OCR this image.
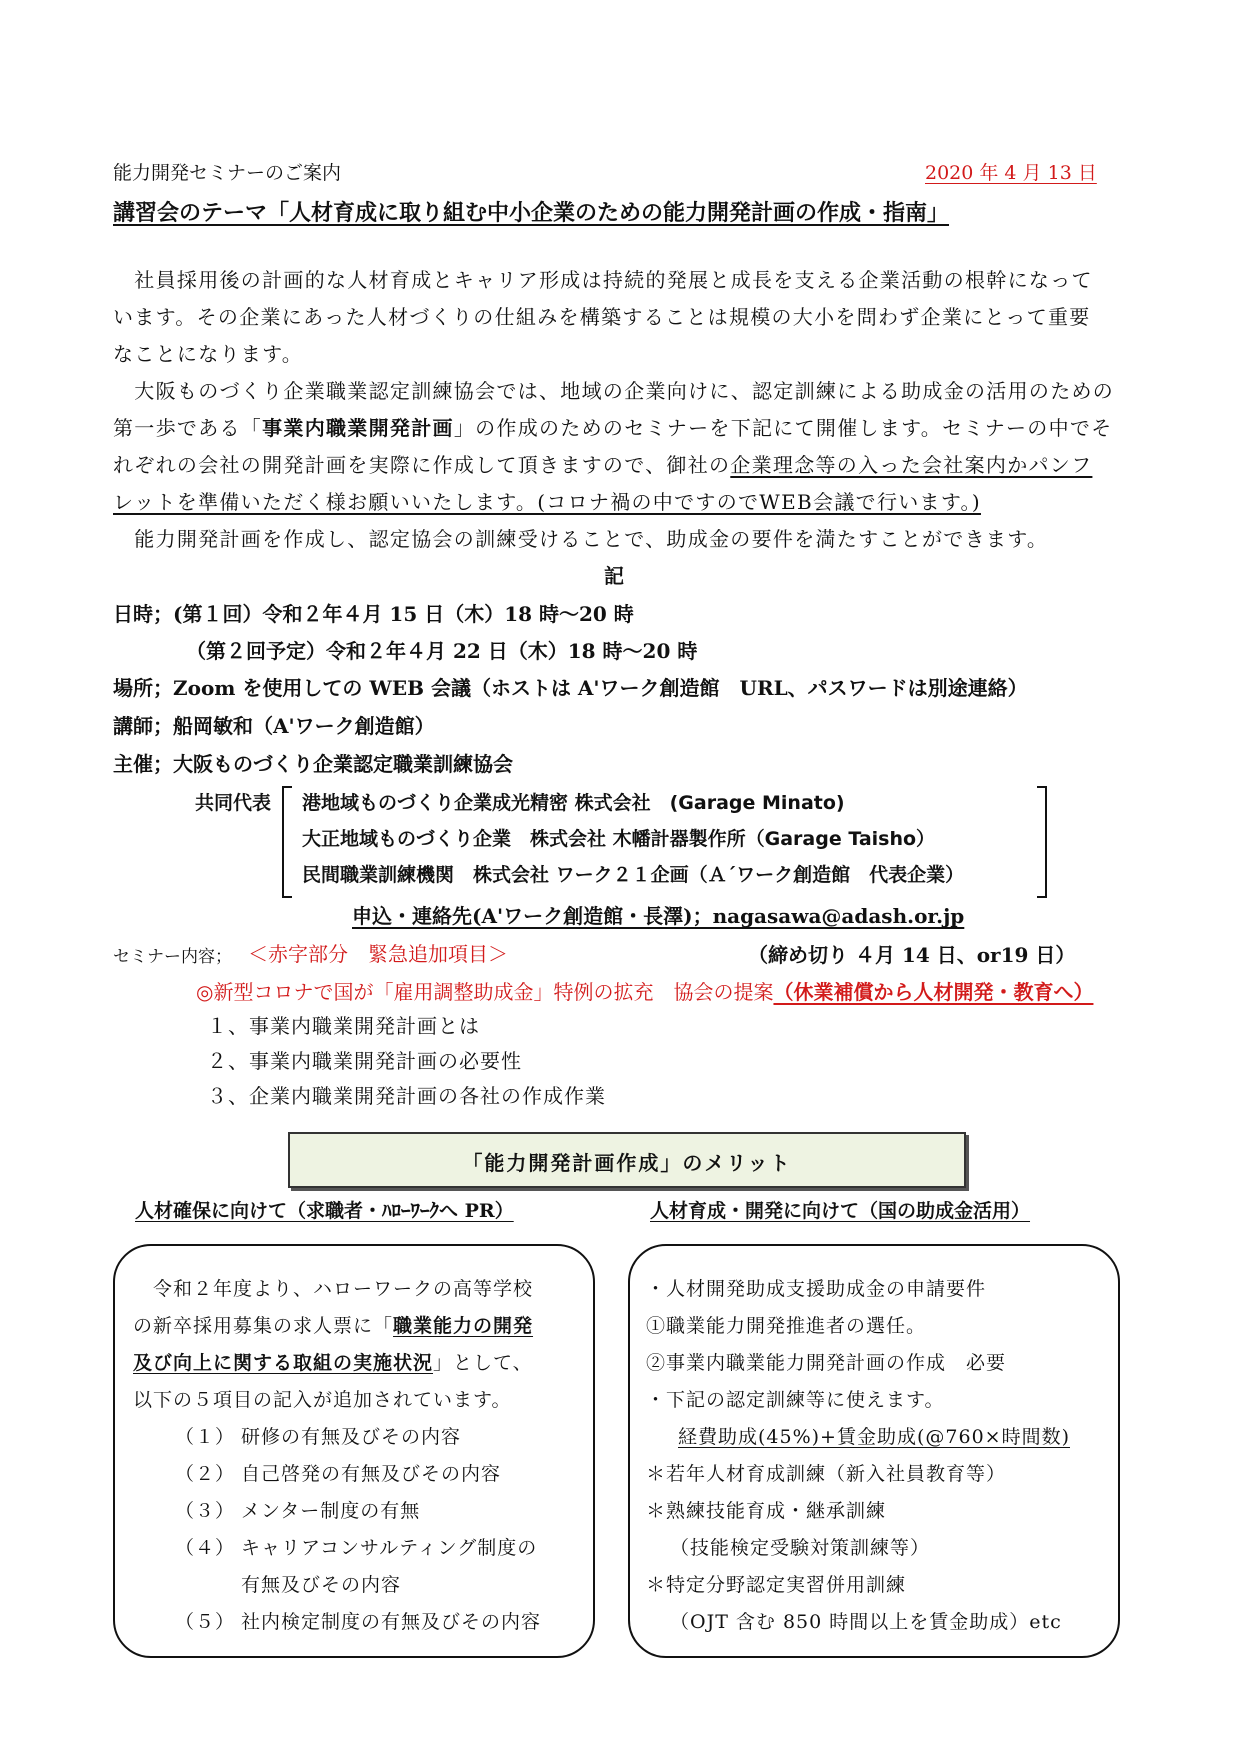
能力開発セミナーのご案内	2020 年 4 月 13 日
講習会のテーマ「人材育成に取り組む中小企業のための能力開発計画の作成・指南」
　社員採用後の計画的な人材育成とキャリア形成は持続的発展と成長を支える企業活動の根幹になって
います。その企業にあった人材づくりの仕組みを構築することは規模の大小を問わず企業にとって重要
なことになります。
　大阪ものづくり企業職業認定訓練協会では、地域の企業向けに、認定訓練による助成金の活用のための
第一歩である「事業内職業開発計画」の作成のためのセミナーを下記にて開催します。セミナーの中でそ
れぞれの会社の開発計画を実際に作成して頂きますので、御社の企業理念等の入った会社案内かパンフ
レットを準備いただく様お願いいたします。(コロナ禍の中ですのでWEB会議で行います。)
　能力開発計画を作成し、認定協会の訓練受けることで、助成金の要件を満たすことができます。
記
日時；(第１回）令和２年４月 15 日（木）18 時～20 時
（第２回予定）令和２年４月 22 日（木）18 時～20 時
場所；Zoom を使用しての WEB 会議（ホストは A'ワーク創造館　URL、パスワードは別途連絡）
講師；船岡敏和（A'ワーク創造館）
主催；大阪ものづくり企業認定職業訓練協会
共同代表 港地域ものづくり企業成光精密 株式会社　(Garage Minato)
大正地域ものづくり企業　株式会社 木幡計器製作所（Garage Taisho）
民間職業訓練機関　株式会社 ワーク２１企画（Ａ´ワーク創造館　代表企業）
申込・連絡先(A'ワーク創造館・長澤)；nagasawa@adash.or.jp
セミナー内容； ＜赤字部分　緊急追加項目＞	（締め切り ４月 14 日、or19 日）
◎新型コロナで国が「雇用調整助成金」特例の拡充　協会の提案（休業補償から人材開発・教育へ）
１、事業内職業開発計画とは
２、事業内職業開発計画の必要性
３、企業内職業開発計画の各社の作成作業
「能力開発計画作成」のメリット
人材確保に向けて（求職者・ﾊﾛｰﾜｰｸへ PR）	人材育成・開発に向けて（国の助成金活用）
　令和２年度より、ハローワークの高等学校
の新卒採用募集の求人票に「職業能力の開発
及び向上に関する取組の実施状況」として、
以下の５項目の記入が追加されています。
（１） 研修の有無及びその内容
（２） 自己啓発の有無及びその内容
（３） メンター制度の有無
（４） キャリアコンサルティング制度の
有無及びその内容
（５） 社内検定制度の有無及びその内容
・人材開発助成支援助成金の申請要件
①職業能力開発推進者の選任。
②事業内職業能力開発計画の作成　必要
・下記の認定訓練等に使えます。
経費助成(45%)+賃金助成(@760×時間数)
＊若年人材育成訓練（新入社員教育等）
＊熟練技能育成・継承訓練
（技能検定受験対策訓練等）
＊特定分野認定実習併用訓練
（OJT 含む 850 時間以上を賃金助成）etc
